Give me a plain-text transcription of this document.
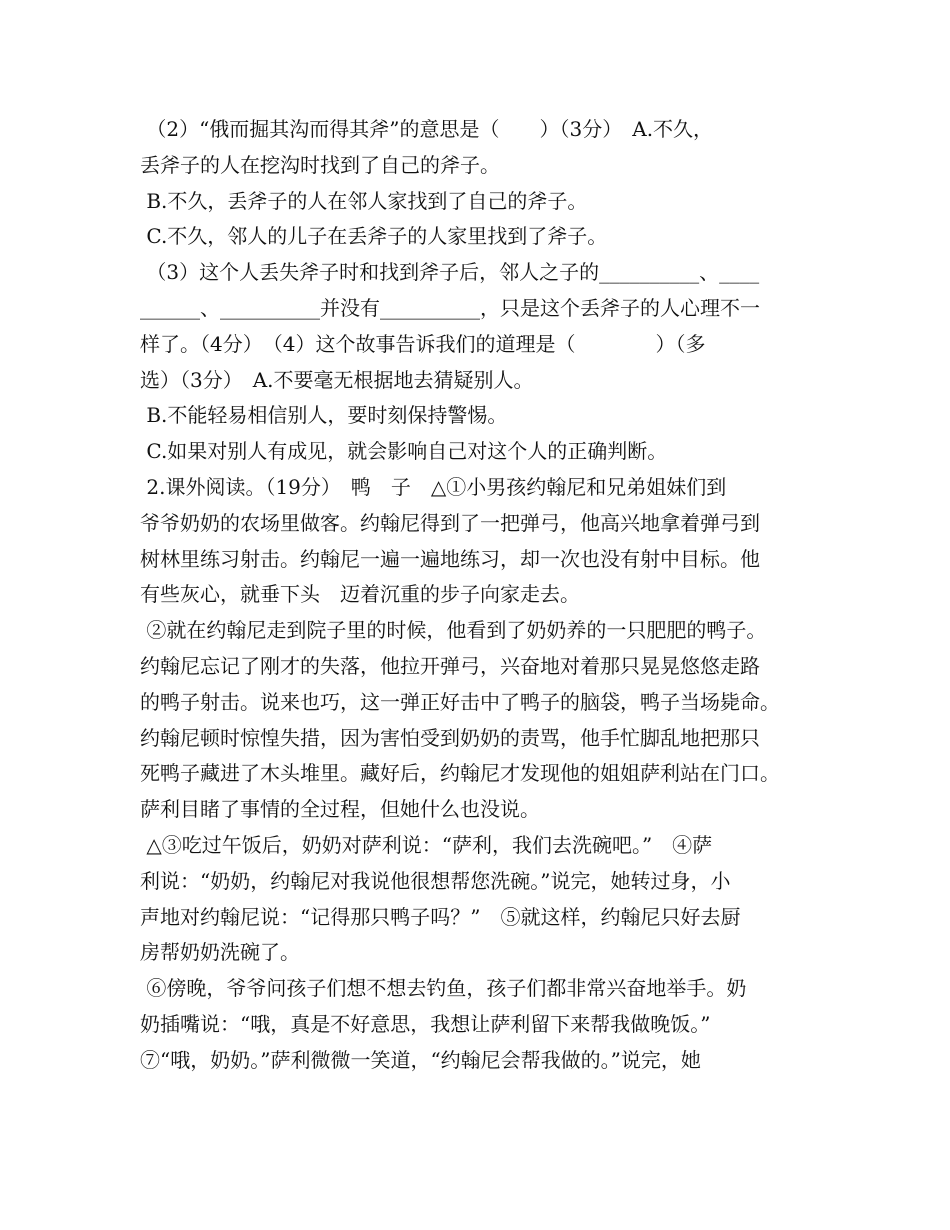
（2）“俄而掘其沟而得其斧”的意思是（　　）（3分）　A.不久，
丢斧子的人在挖沟时找到了自己的斧子。
B.不久，丢斧子的人在邻人家找到了自己的斧子。
C.不久，邻人的儿子在丢斧子的人家里找到了斧子。
（3）这个人丢失斧子时和找到斧子后，邻人之子的__________、____
______、__________并没有__________，只是这个丢斧子的人心理不一
样了。（4分）　（4）这个故事告诉我们的道理是（　　　　）（多
选）（3分）　A.不要毫无根据地去猜疑别人。
B.不能轻易相信别人，要时刻保持警惕。
C.如果对别人有成见，就会影响自己对这个人的正确判断。
2.课外阅读。（19分）　鸭　子　△①小男孩约翰尼和兄弟姐妹们到
爷爷奶奶的农场里做客。约翰尼得到了一把弹弓，他高兴地拿着弹弓到
树林里练习射击。约翰尼一遍一遍地练习，却一次也没有射中目标。他
有些灰心，就垂下头　迈着沉重的步子向家走去。
②就在约翰尼走到院子里的时候，他看到了奶奶养的一只肥肥的鸭子。
约翰尼忘记了刚才的失落，他拉开弹弓，兴奋地对着那只晃晃悠悠走路
的鸭子射击。说来也巧，这一弹正好击中了鸭子的脑袋，鸭子当场毙命。
约翰尼顿时惊惶失措，因为害怕受到奶奶的责骂，他手忙脚乱地把那只
死鸭子藏进了木头堆里。藏好后，约翰尼才发现他的姐姐萨利站在门口。
萨利目睹了事情的全过程，但她什么也没说。
△③吃过午饭后，奶奶对萨利说：“萨利，我们去洗碗吧。”　④萨
利说：“奶奶，约翰尼对我说他很想帮您洗碗。”说完，她转过身，小
声地对约翰尼说：“记得那只鸭子吗？”　⑤就这样，约翰尼只好去厨
房帮奶奶洗碗了。
⑥傍晚，爷爷问孩子们想不想去钓鱼，孩子们都非常兴奋地举手。奶
奶插嘴说：“哦，真是不好意思，我想让萨利留下来帮我做晚饭。”
⑦“哦，奶奶。”萨利微微一笑道，“约翰尼会帮我做的。”说完，她
